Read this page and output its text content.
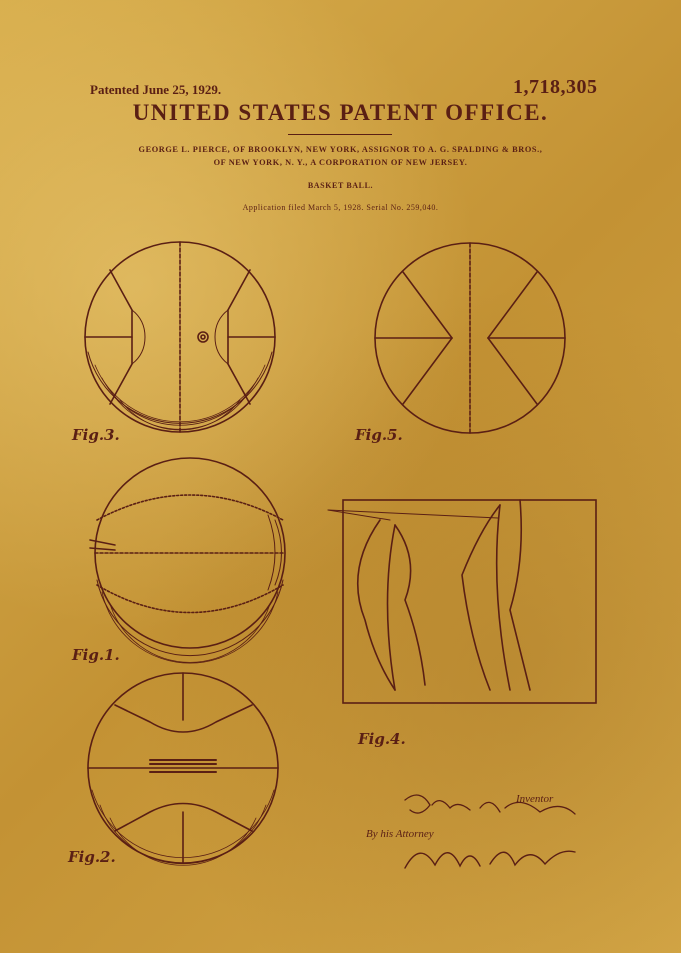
Patented June 25, 1929.	1,718,305
UNITED STATES PATENT OFFICE.
GEORGE L. PIERCE, OF BROOKLYN, NEW YORK, ASSIGNOR TO A. G. SPALDING & BROS.,
OF NEW YORK, N. Y., A CORPORATION OF NEW JERSEY.
BASKET BALL.
Application filed March 5, 1928. Serial No. 259,040.
Fig.3.	Fig.5.
Fig.1.
Fig.4.
Fig.2.
Inventor
By his Attorney
